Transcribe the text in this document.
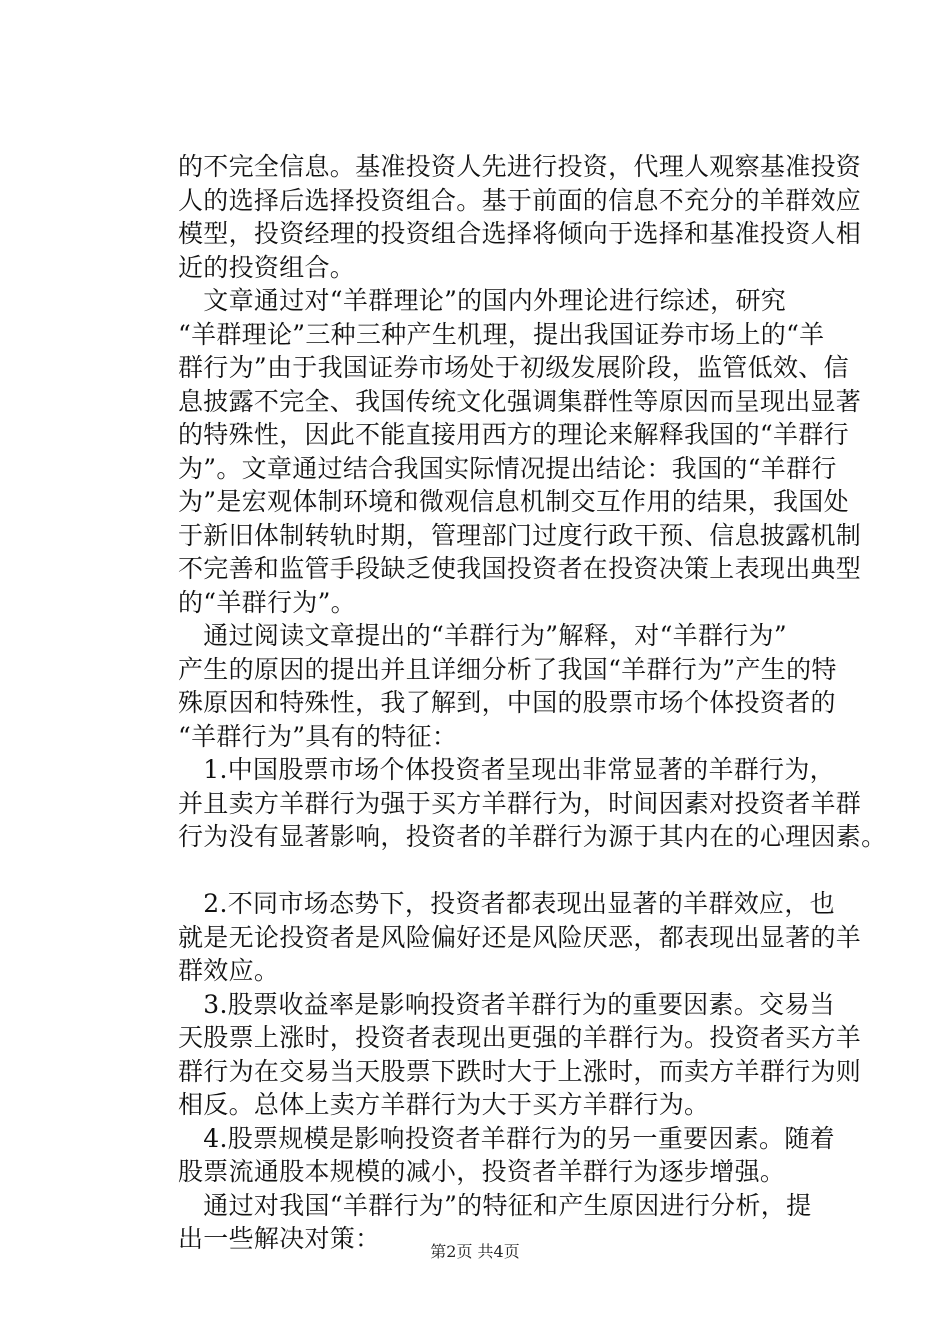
的不完全信息。基准投资人先进行投资，代理人观察基准投资
人的选择后选择投资组合。基于前面的信息不充分的羊群效应
模型，投资经理的投资组合选择将倾向于选择和基准投资人相
近的投资组合。
　文章通过对“羊群理论”的国内外理论进行综述，研究
“羊群理论”三种三种产生机理，提出我国证券市场上的“羊
群行为”由于我国证券市场处于初级发展阶段，监管低效、信
息披露不完全、我国传统文化强调集群性等原因而呈现出显著
的特殊性，因此不能直接用西方的理论来解释我国的“羊群行
为”。文章通过结合我国实际情况提出结论：我国的“羊群行
为”是宏观体制环境和微观信息机制交互作用的结果，我国处
于新旧体制转轨时期，管理部门过度行政干预、信息披露机制
不完善和监管手段缺乏使我国投资者在投资决策上表现出典型
的“羊群行为”。
　通过阅读文章提出的“羊群行为”解释，对“羊群行为”
产生的原因的提出并且详细分析了我国“羊群行为”产生的特
殊原因和特殊性，我了解到，中国的股票市场个体投资者的
“羊群行为”具有的特征：
　1.中国股票市场个体投资者呈现出非常显著的羊群行为，
并且卖方羊群行为强于买方羊群行为，时间因素对投资者羊群
行为没有显著影响，投资者的羊群行为源于其内在的心理因素。
　2.不同市场态势下，投资者都表现出显著的羊群效应，也
就是无论投资者是风险偏好还是风险厌恶，都表现出显著的羊
群效应。
　3.股票收益率是影响投资者羊群行为的重要因素。交易当
天股票上涨时，投资者表现出更强的羊群行为。投资者买方羊
群行为在交易当天股票下跌时大于上涨时，而卖方羊群行为则
相反。总体上卖方羊群行为大于买方羊群行为。
　4.股票规模是影响投资者羊群行为的另一重要因素。随着
股票流通股本规模的减小，投资者羊群行为逐步增强。
　通过对我国“羊群行为”的特征和产生原因进行分析，提
出一些解决对策：	第2页 共4页
